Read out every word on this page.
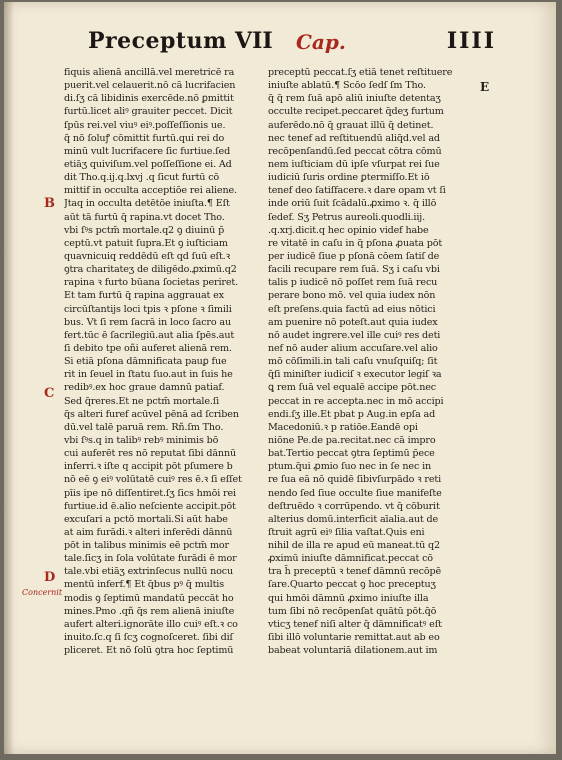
Preceptum VII Cap.	IIII
B
C
D
E
Concernit
fiquis alienā ancillā.vel meretricē ra
puerit.vel celauerit.nō cā lucrifacien
di.ſʒ cā libidinis exercēde.nō ꝑmittit
furtū.licet aliꝰ grauiter peccet. Dicit
ſpūs rei.vel viuꝰ eiꝰ.poſſeſſionis ue.
q̃ nō ſoluꝭ cōmittit furtū.qui rei do
minū vult lucrifacere ſic furtiue.ſed
etiāʒ quiviſum.vel poſſeſſione ei. Ad
dit Tho.q.ij.q.lxvj .q ſicut furtū cō
mittif in occulta acceptiōe rei aliene.
Jtaq in occulta detētōe iniuſta.¶ Eſt
aūt tā furtū q̃ rapina.vt docet Tho.
vbi ſꝰs pctm̄ mortale.q2 ꝯ diuinū p̄
ceptū.vt patuit ſupra.Et ꝯ iuſticiam
quavnicuiq reddēdū eſt qd ſuū eſt.ꝛ
ꝯtra charitateʒ de diligēdo.ꝓximū.q2
rapina ꝛ furto būana ſocietas periret.
Et tam furtū q̃ rapina aggrauat ex
circūſtantijs loci tpis ꝛ pſone ꝛ ſimili
bus. Vt ſi rem ſacrā in loco ſacro au
fert.tūc ē ſacrilegiū.aut alia ſpēs.aut
ſi debito tpe oñi auferet alienā rem.
Si etiā pſona dāmnificata pauꝑ fue
rit in ſeuel in ſtatu ſuo.aut in ſuis he
redibꝰ.ex hoc graue damnū patiaf.
Sed q̃reres.Et ne pctm̄ mortale.ſi
q̃s alteri furef acūvel pēnā ad ſcriben
dū.vel talē paruā rem. Rñ.ſm Tho.
vbi ſꝰs.q in talibꝰ rebꝰ minimis bō
cui auferēt res nō reputat ſibi dānnū
inferri.ꝛ iſte q accipit pōt pſumere b
nō eē ꝯ eiꝰ volūtatē cuiꝰ res ē.ꝛ ſi eſſet
pīis ipe nō diſſentiret.ſʒ ſics hmōi rei
furtiue.id ē.alio neſciente accipit.pōt
excuſari a pctō mortali.Si aūt habe
at aim furādi.ꝛ alteri inferēdi dānnū
pōt in talibus minimis eē pctm̄ mor
tale.ſicʒ in ſola volūtate furādi ē mor
tale.vbi etiāʒ extrinſecus nullū nocu
mentū inferf.¶ Et q̄bus pꝰ q̄ multis
modis ꝯ ſeptimū mandatū peccāt ho
mines.Pmo .qñ q̃s rem alienā iniuſte
aufert alteri.ignorāte illo cuiꝰ eſt.ꝛ co
inuito.ſc.q ſi ſcʒ cognoſceret. ſibi diſ
pliceret. Et nō ſolū ꝯtra hoc ſeptimū
preceptū peccat.ſʒ etiā tenet reſtituere
iniuſte ablatū.¶ Scōo ſedſ ſm Tho.
q̃ q̃ rem ſuā apō aliū iniuſte detentaʒ
occulte recipet.peccaret q̄deʒ furtum
auferēdo.nō q̄ grauat illū q̄ detinet.
nec tenef ad reſtituendū aliq̃d.vel ad
recōpenſandū.ſed peccat cōtra cōmū
nem iuſticiam dū ipſe vſurpat rei ſue
iudiciū ſuris ordine ꝑtermiſſo.Et iō
tenef deo ſatiſfacere.ꝛ dare opam vt ſi
inde oriū ſuit ſcādalū.ꝓximo ꝛ. q̄ illō
ſedef. Sʒ Petrus aureoli.quodli.iij.
.q.xrj.dicit.q hec opinio videf habe
re vitatē in caſu in q̃ pſona ꝓuata pōt
per iudicē ſiue p pſonā cōem ſatiſ de
facili recupare rem ſuā. Sʒ i caſu vbi
talis p iudicē nō poſſet rem ſuā recu
perare bono mō. vel quia iudex nōn
eſt preſens.quia factū ad eius nōtici
am puenire nō poteſt.aut quia iudex
nō audet ingrere.vel ille cuiꝰ res deti
nef nō auder alium accuſare.vel alio
mō cōſimili.in tali caſu vnuſquiſq; ſit
q̄ſi miniſter iudiciſ ꝛ executor legiſ ꝛa
ꝗ rem ſuā vel equalē accipe pōt.nec
peccat in re accepta.nec in mō accipi
endi.ſʒ ille.Et pbat p Aug.in epſa ad
Macedoniū.ꝛ p ratiōe.Eandē opi
niōne Pe.de pa.recitat.nec cā impro
bat.Tertio peccat ꝯtra ſeptimū p̄ece
ptum.q̃ui ꝓmio ſuo nec in ſe nec in
re ſua eā nō quidē ſibivſurpādo ꝛ reti
nendo ſed ſiue occulte ſiue manifeſte
deſtruēdo ꝛ corrūpendo. vt q̄ cōburit
alterius domū.interficit aīalia.aut de
ſtruit agrū eiꝰ ſilia vaſtat.Quis eni
nihil de illa re apud eū maneat.tū q2
ꝓximū iniuſte dāmnificat.peccat cō
tra h̄ preceptū ꝛ tenef dāmnū recōpē
ſare.Quarto peccat ꝯ hoc preceptuʒ
qui hmōi dāmnū ꝓximo iniuſte illa
tum ſibi nō recōpenſat quātū pōt.q̄ō
vticʒ tenef niſi alter q̄ dāmnificatꝰ eſt
ſibi illō voluntarie remittat.aut ab eo
babeat voluntariā dilationem.aut im
